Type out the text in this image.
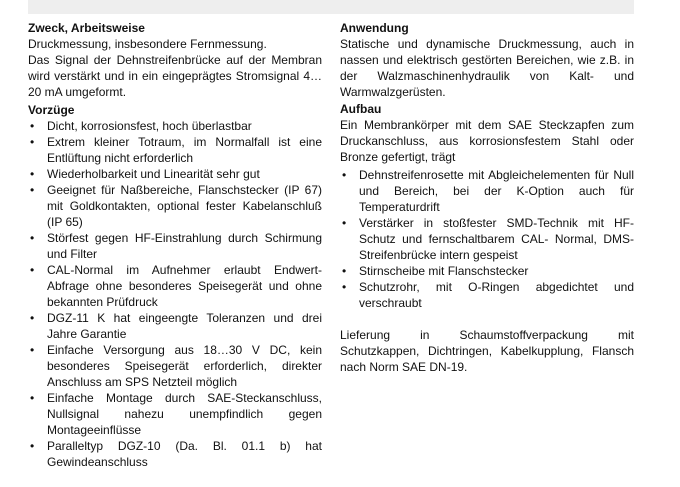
Zweck, Arbeitsweise

Druckmessung, insbesondere Fernmessung.

Das Signal der Dehnstreifenbrücke auf der Membran wird verstärkt und in ein eingeprägtes Stromsignal 4…20 mA umgeformt.

Vorzüge
• Dicht, korrosionsfest, hoch überlastbar
• Extrem kleiner Totraum, im Normalfall ist eine Entlüftung nicht erforderlich
• Wiederholbarkeit und Linearität sehr gut
• Geeignet für Naßbereiche, Flanschstecker (IP 67) mit Goldkontakten, optional fester Kabelanschluß (IP 65)
• Störfest gegen HF-Einstrahlung durch Schirmung und Filter
• CAL-Normal im Aufnehmer erlaubt Endwert-Abfrage ohne besonderes Speisegerät und ohne bekannten Prüfdruck
• DGZ-11 K hat eingeengte Toleranzen und drei Jahre Garantie
• Einfache Versorgung aus 18…30 V DC, kein besonderes Speisegerät erforderlich, direkter Anschluss am SPS Netzteil möglich
• Einfache Montage durch SAE-Steckanschluss, Nullsignal nahezu unempfindlich gegen Montageeinflüsse
• Paralleltyp DGZ-10 (Da. Bl. 01.1 b) hat Gewindeanschluss
Anwendung

Statische und dynamische Druckmessung, auch in nassen und elektrisch gestörten Bereichen, wie z.B. in der Walzmaschinenhydraulik von Kalt- und Warmwalzgerüsten.

Aufbau

Ein Membrankörper mit dem SAE Steckzapfen zum Druckanschluss, aus korrosionsfestem Stahl oder Bronze gefertigt, trägt

• Dehnstreifenrosette mit Abgleichelementen für Null und Bereich, bei der K-Option auch für Temperaturdrift
• Verstärker in stoßfester SMD-Technik mit HF-Schutz und fernschaltbarem CAL- Normal, DMS-Streifenbrücke intern gespeist
• Stirnscheibe mit Flanschstecker
• Schutzrohr, mit O-Ringen abgedichtet und verschraubt

Lieferung in Schaumstoffverpackung mit Schutzkappen, Dichtringen, Kabelkupplung, Flansch nach Norm SAE DN-19.
